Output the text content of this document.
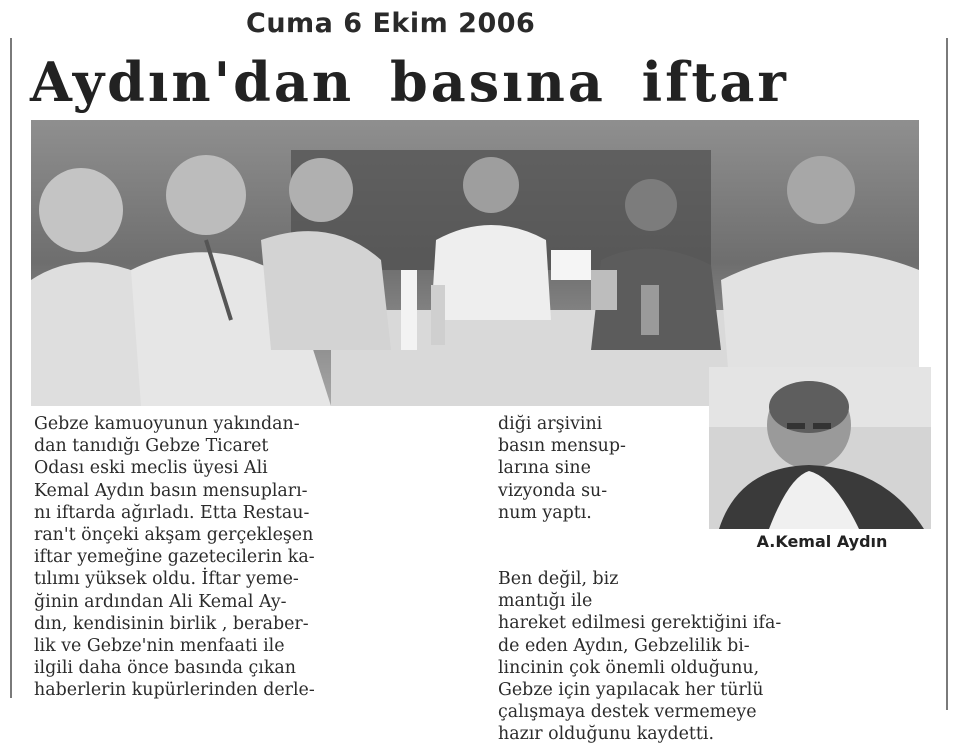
Cuma 6 Ekim 2006
Aydın'dan basına iftar
Gebze kamuoyunun yakından-
dan tanıdığı Gebze Ticaret
Odası eski meclis üyesi Ali
Kemal Aydın basın mensupları-
nı iftarda ağırladı. Etta Restau-
ran't önçeki akşam gerçekleşen
iftar yemeğine gazetecilerin ka-
tılımı yüksek oldu. İftar yeme-
ğinin ardından Ali Kemal Ay-
dın, kendisinin birlik , beraber-
lik ve Gebze'nin menfaati ile
ilgili daha önce basında çıkan
haberlerin kupürlerinden derle-
diği arşivini
basın mensup-
larına sine
vizyonda su-
num yaptı.
A.Kemal Aydın
Ben değil, biz
mantığı ile
hareket edilmesi gerektiğini ifa-
de eden Aydın, Gebzelilik bi-
lincinin çok önemli olduğunu,
Gebze için yapılacak her türlü
çalışmaya destek vermemeye
hazır olduğunu kaydetti.
